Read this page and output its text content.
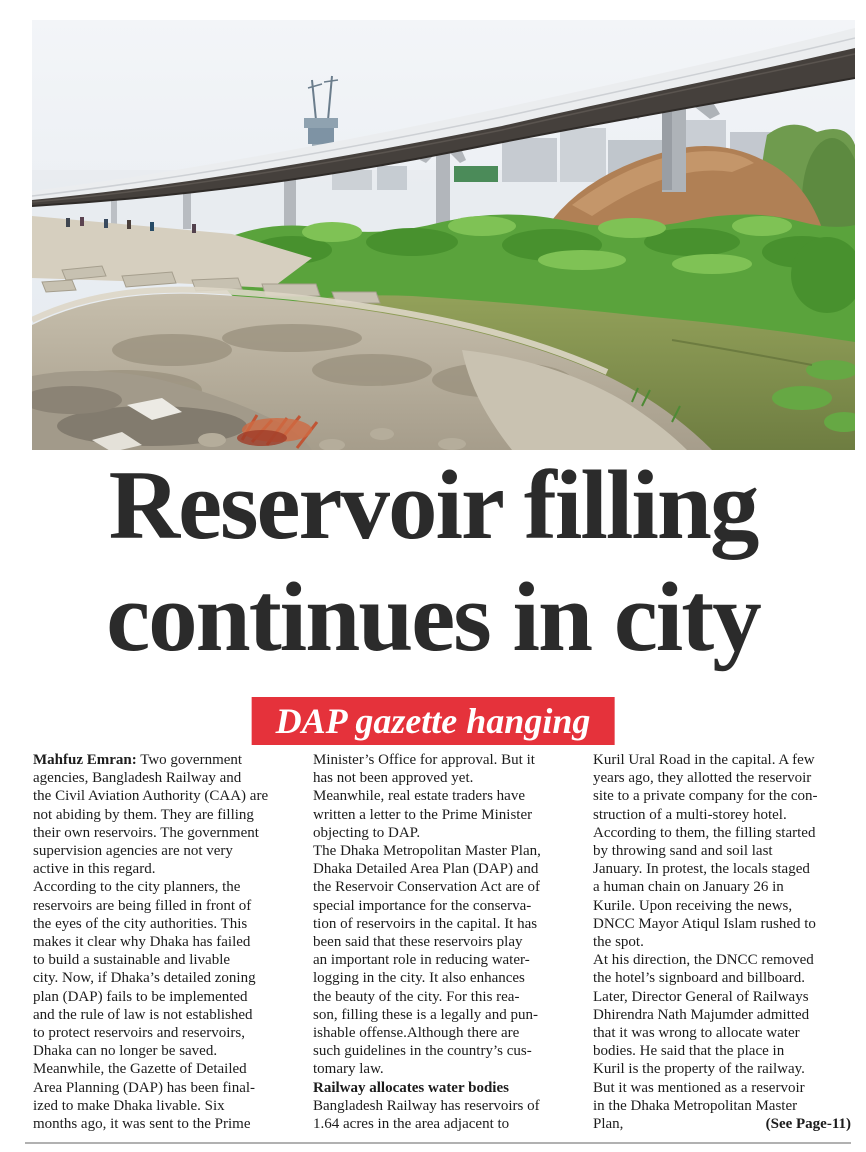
Reservoir filling
continues in city
DAP gazette hanging
Mahfuz Emran: Two government
agencies, Bangladesh Railway and
the Civil Aviation Authority (CAA) are
not abiding by them. They are filling
their own reservoirs. The government
supervision agencies are not very
active in this regard.
According to the city planners, the
reservoirs are being filled in front of
the eyes of the city authorities. This
makes it clear why Dhaka has failed
to build a sustainable and livable
city. Now, if Dhaka’s detailed zoning
plan (DAP) fails to be implemented
and the rule of law is not established
to protect reservoirs and reservoirs,
Dhaka can no longer be saved.
Meanwhile, the Gazette of Detailed
Area Planning (DAP) has been final-
ized to make Dhaka livable. Six
months ago, it was sent to the Prime
Minister’s Office for approval. But it
has not been approved yet.
Meanwhile, real estate traders have
written a letter to the Prime Minister
objecting to DAP.
The Dhaka Metropolitan Master Plan,
Dhaka Detailed Area Plan (DAP) and
the Reservoir Conservation Act are of
special importance for the conserva-
tion of reservoirs in the capital. It has
been said that these reservoirs play
an important role in reducing water-
logging in the city. It also enhances
the beauty of the city. For this rea-
son, filling these is a legally and pun-
ishable offense.Although there are
such guidelines in the country’s cus-
tomary law.
Railway allocates water bodies
Bangladesh Railway has reservoirs of
1.64 acres in the area adjacent to
Kuril Ural Road in the capital. A few
years ago, they allotted the reservoir
site to a private company for the con-
struction of a multi-storey hotel.
According to them, the filling started
by throwing sand and soil last
January. In protest, the locals staged
a human chain on January 26 in
Kurile. Upon receiving the news,
DNCC Mayor Atiqul Islam rushed to
the spot.
At his direction, the DNCC removed
the hotel’s signboard and billboard.
Later, Director General of Railways
Dhirendra Nath Majumder admitted
that it was wrong to allocate water
bodies. He said that the place in
Kuril is the property of the railway.
But it was mentioned as a reservoir
in the Dhaka Metropolitan Master
Plan,	(See Page-11)
